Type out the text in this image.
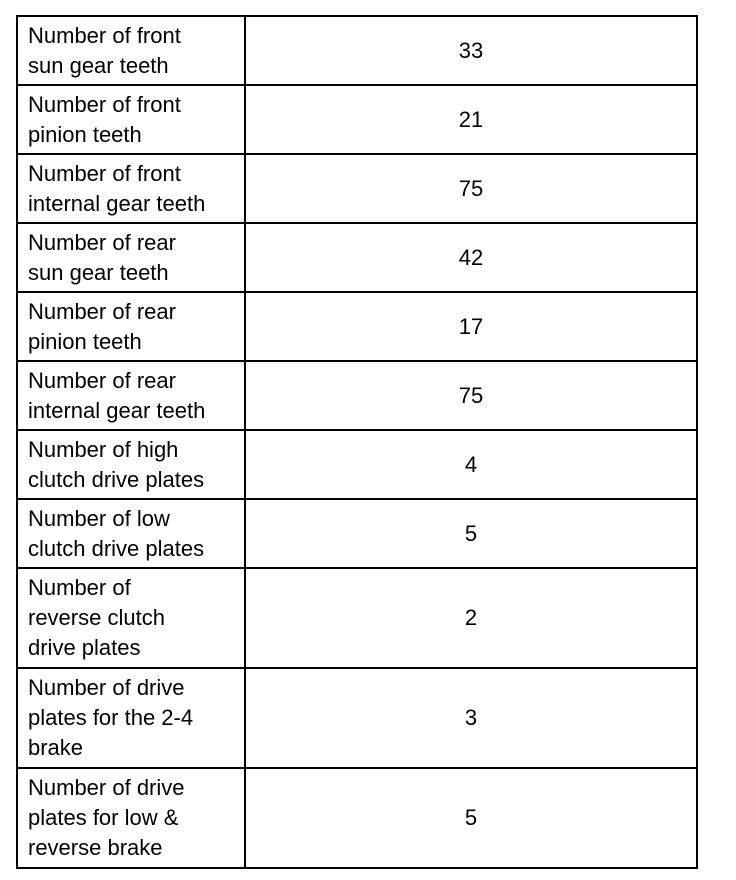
Number of front
sun gear teeth	33
Number of front
pinion teeth	21
Number of front
internal gear teeth	75
Number of rear
sun gear teeth	42
Number of rear
pinion teeth	17
Number of rear
internal gear teeth	75
Number of high
clutch drive plates	4
Number of low
clutch drive plates	5
Number of
reverse clutch
drive plates	2
Number of drive
plates for the 2-4
brake	3
Number of drive
plates for low &
reverse brake	5
